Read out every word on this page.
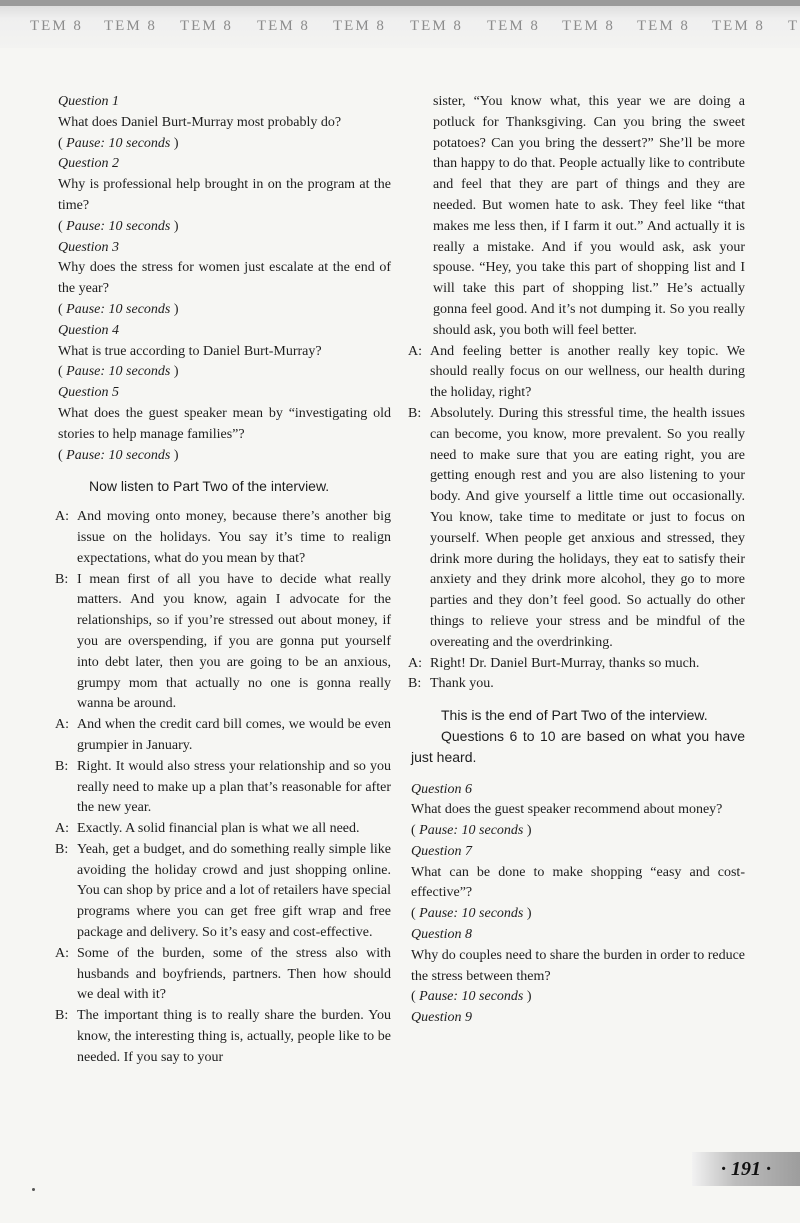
TEM 8 TEM 8 TEM 8 TEM 8 TEM 8 TEM 8 TEM 8 TEM 8 TEM 8 TEM 8 T
Question 1
What does Daniel Burt-Murray most probably do?
( Pause: 10 seconds )
Question 2
Why is professional help brought in on the program at the time?
( Pause: 10 seconds )
Question 3
Why does the stress for women just escalate at the end of the year?
( Pause: 10 seconds )
Question 4
What is true according to Daniel Burt-Murray?
( Pause: 10 seconds )
Question 5
What does the guest speaker mean by “investigating old stories to help manage families”?
( Pause: 10 seconds )
Now listen to Part Two of the interview.
A: And moving onto money, because there’s another big issue on the holidays. You say it’s time to realign expectations, what do you mean by that?
B: I mean first of all you have to decide what really matters. And you know, again I advocate for the relationships, so if you’re stressed out about money, if you are overspending, if you are gonna put yourself into debt later, then you are going to be an anxious, grumpy mom that actually no one is gonna really wanna be around.
A: And when the credit card bill comes, we would be even grumpier in January.
B: Right. It would also stress your relationship and so you really need to make up a plan that’s reasonable for after the new year.
A: Exactly. A solid financial plan is what we all need.
B: Yeah, get a budget, and do something really simple like avoiding the holiday crowd and just shopping online. You can shop by price and a lot of retailers have special programs where you can get free gift wrap and free package and delivery. So it’s easy and cost-effective.
A: Some of the burden, some of the stress also with husbands and boyfriends, partners. Then how should we deal with it?
B: The important thing is to really share the burden. You know, the interesting thing is, actually, people like to be needed. If you say to your
sister, “You know what, this year we are doing a potluck for Thanksgiving. Can you bring the sweet potatoes? Can you bring the dessert?” She’ll be more than happy to do that. People actually like to contribute and feel that they are part of things and they are needed. But women hate to ask. They feel like “that makes me less then, if I farm it out.” And actually it is really a mistake. And if you would ask, ask your spouse. “Hey, you take this part of shopping list and I will take this part of shopping list.” He’s actually gonna feel good. And it’s not dumping it. So you really should ask, you both will feel better.
A: And feeling better is another really key topic. We should really focus on our wellness, our health during the holiday, right?
B: Absolutely. During this stressful time, the health issues can become, you know, more prevalent. So you really need to make sure that you are eating right, you are getting enough rest and you are also listening to your body. And give yourself a little time out occasionally. You know, take time to meditate or just to focus on yourself. When people get anxious and stressed, they drink more during the holidays, they eat to satisfy their anxiety and they drink more alcohol, they go to more parties and they don’t feel good. So actually do other things to relieve your stress and be mindful of the overeating and the overdrinking.
A: Right! Dr. Daniel Burt-Murray, thanks so much.
B: Thank you.
This is the end of Part Two of the interview.
Questions 6 to 10 are based on what you have just heard.
Question 6
What does the guest speaker recommend about money?
( Pause: 10 seconds )
Question 7
What can be done to make shopping “easy and cost-effective”?
( Pause: 10 seconds )
Question 8
Why do couples need to share the burden in order to reduce the stress between them?
( Pause: 10 seconds )
Question 9
· 191 ·
